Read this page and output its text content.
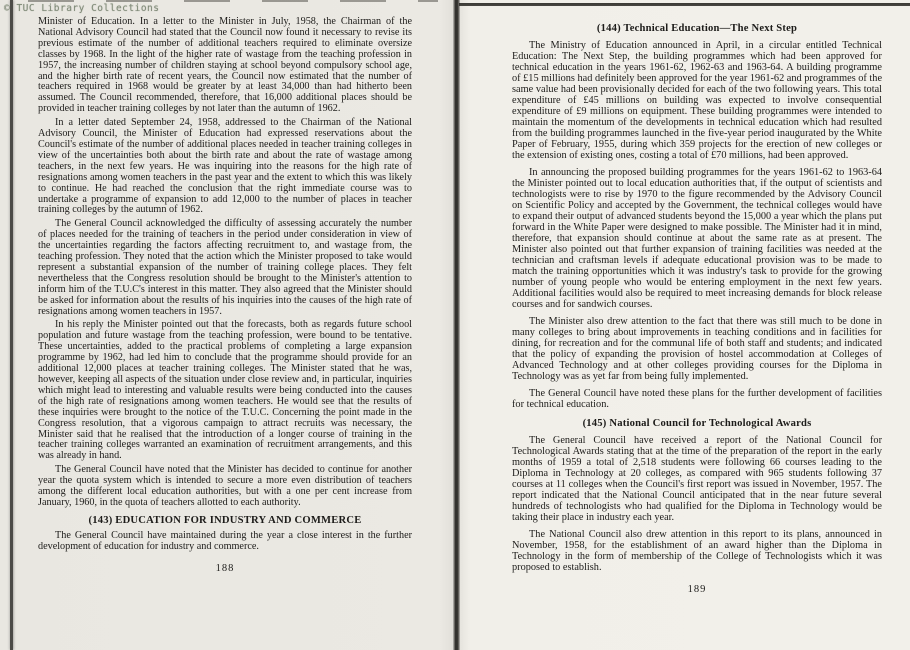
© TUC Library Collections

Minister of Education. In a letter to the Minister in July, 1958, the Chairman of the National Advisory Council had stated that the Council now found it necessary to revise its previous estimate of the number of additional teachers required to eliminate oversize classes by 1968. In the light of the higher rate of wastage from the teaching profession in 1957, the increasing number of children staying at school beyond compulsory school age, and the higher birth rate of recent years, the Council now estimated that the number of teachers required in 1968 would be greater by at least 34,000 than had hitherto been assumed. The Council recommended, therefore, that 16,000 additional places should be provided in teacher training colleges by not later than the autumn of 1962.

In a letter dated September 24, 1958, addressed to the Chairman of the National Advisory Council, the Minister of Education had expressed reservations about the Council's estimate of the number of additional places needed in teacher training colleges in view of the uncertainties both about the birth rate and about the rate of wastage among teachers, in the next few years. He was inquiring into the reasons for the high rate of resignations among women teachers in the past year and the extent to which this was likely to continue. He had reached the conclusion that the right immediate course was to undertake a programme of expansion to add 12,000 to the number of places in teacher training colleges by the autumn of 1962.

The General Council acknowledged the difficulty of assessing accurately the number of places needed for the training of teachers in the period under consideration in view of the uncertainties regarding the factors affecting recruitment to, and wastage from, the teaching profession. They noted that the action which the Minister proposed to take would represent a substantial expansion of the number of training college places. They felt nevertheless that the Congress resolution should be brought to the Minister's attention to inform him of the T.U.C's interest in this matter. They also agreed that the Minister should be asked for information about the results of his inquiries into the causes of the high rate of resignations among women teachers in 1957.

In his reply the Minister pointed out that the forecasts, both as regards future school population and future wastage from the teaching profession, were bound to be tentative. These uncertainties, added to the practical problems of completing a large expansion programme by 1962, had led him to conclude that the programme should provide for an additional 12,000 places at teacher training colleges. The Minister stated that he was, however, keeping all aspects of the situation under close review and, in particular, inquiries which might lead to interesting and valuable results were being conducted into the causes of the high rate of resignations among women teachers. He would see that the results of these inquiries were brought to the notice of the T.U.C. Concerning the point made in the Congress resolution, that a vigorous campaign to attract recruits was necessary, the Minister said that he realised that the introduction of a longer course of training in the teacher training colleges warranted an examination of recruitment arrangements, and this was already in hand.

The General Council have noted that the Minister has decided to continue for another year the quota system which is intended to secure a more even distribution of teachers among the different local education authorities, but with a one per cent increase from January, 1960, in the quota of teachers allotted to each authority.

(143) EDUCATION FOR INDUSTRY AND COMMERCE

The General Council have maintained during the year a close interest in the further development of education for industry and commerce.

188

(144) Technical Education—The Next Step

The Ministry of Education announced in April, in a circular entitled Technical Education: The Next Step, the building programmes which had been approved for technical education in the years 1961-62, 1962-63 and 1963-64. A building programme of £15 millions had definitely been approved for the year 1961-62 and programmes of the same value had been provisionally decided for each of the two following years. This total expenditure of £45 millions on building was expected to involve consequential expenditure of £9 millions on equipment. These building programmes were intended to maintain the momentum of the developments in technical education which had resulted from the building programmes launched in the five-year period inaugurated by the White Paper of February, 1955, during which 359 projects for the erection of new colleges or the extension of existing ones, costing a total of £70 millions, had been approved.

In announcing the proposed building programmes for the years 1961-62 to 1963-64 the Minister pointed out to local education authorities that, if the output of scientists and technologists were to rise by 1970 to the figure recommended by the Advisory Council on Scientific Policy and accepted by the Government, the technical colleges would have to expand their output of advanced students beyond the 15,000 a year which the plans put forward in the White Paper were designed to make possible. The Minister had it in mind, therefore, that expansion should continue at about the same rate as at present. The Minister also pointed out that further expansion of training facilities was needed at the technician and craftsman levels if adequate educational provision was to be made to match the training opportunities which it was industry's task to provide for the growing number of young people who would be entering employment in the next few years. Additional facilities would also be required to meet increasing demands for block release courses and for sandwich courses.

The Minister also drew attention to the fact that there was still much to be done in many colleges to bring about improvements in teaching conditions and in facilities for dining, for recreation and for the communal life of both staff and students; and indicated that the policy of expanding the provision of hostel accommodation at Colleges of Advanced Technology and at other colleges providing courses for the Diploma in Technology was as yet far from being fully implemented.

The General Council have noted these plans for the further development of facilities for technical education.

(145) National Council for Technological Awards

The General Council have received a report of the National Council for Technological Awards stating that at the time of the preparation of the report in the early months of 1959 a total of 2,518 students were following 66 courses leading to the Diploma in Technology at 20 colleges, as compared with 965 students following 37 courses at 11 colleges when the Council's first report was issued in November, 1957. The report indicated that the National Council anticipated that in the near future several hundreds of technologists who had qualified for the Diploma in Technology would be taking their place in industry each year.

The National Council also drew attention in this report to its plans, announced in November, 1958, for the establishment of an award higher than the Diploma in Technology in the form of membership of the College of Technologists which it was proposed to establish.

189
